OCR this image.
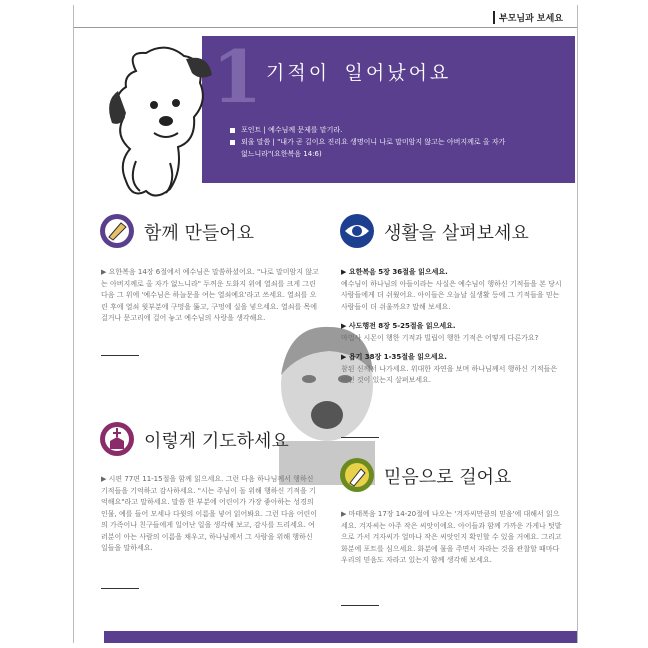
부모님과 보세요
1 기적이 일어났어요
포인트 | 예수님께 문제를 맡기라.
외울 말씀 | "내가 곧 길이요 진리요 생명이니 나로 말미암지 않고는 아버지께로 올 자가
없느니라"(요한복음 14:6)
함께 만들어요
▶ 요한복음 14장 6절에서 예수님은 말씀하셨어요. "나로 말미암지 않고는 아버지께로 올 자가 없느니라" 두꺼운 도화지 위에 열쇠를 크게 그린 다음 그 위에 '예수님은 하늘문을 여는 열쇠예요'라고 쓰세요. 열쇠를 오린 후에 열쇠 윗부분에 구멍을 뚫고, 구멍에 실을 넣으세요. 열쇠를 목에 걸거나 문고리에 걸어 놓고 예수님의 사랑을 생각해요.
생활을 살펴보세요
▶ 요한복음 5장 36절을 읽으세요.
예수님이 하나님의 아들이라는 사실은 예수님이 행하신 기적들을 본 당시 사람들에게 더 쉬웠어요. 아이들은 오늘날 실생활 등에 그 기적들을 믿는 사람들이 더 쉬울까요? 말해 보세요.
▶ 사도행전 8장 5-25절을 읽으세요.
마법사 시몬이 행한 기적과 빌립이 행한 기적은 어떻게 다른가요?
▶ 욥기 38장 1-35절을 읽으세요.
참된 신께서 나가세요. 위대한 자연을 보며 하나님께서 행하신 기적들은 어떤 것이 있는지 살펴보세요.
이렇게 기도하세요
▶ 시편 77편 11-15절을 함께 읽으세요. 그런 다음 하나님께서 행하신 기적들을 기억하고 감사하세요. "시는 주님이 돌 위해 행하신 기적을 기억해요"라고 말하세요. 말씀 한 부분에 어린이가 가장 좋아하는 성경의 인물, 예를 들어 모세나 다윗의 이름을 넣어 읽어봐요. 그런 다음 어린이의 가족이나 친구들에게 일어난 일을 생각해 보고, 감사를 드리세요. 여러분이 아는 사람의 이름을 채우고, 하나님께서 그 사람을 위해 행하신 일들을 말하세요.
믿음으로 걸어요
▶ 마태복음 17장 14-20절에 나오는 '겨자씨만큼의 믿음'에 대해서 읽으세요. 겨자씨는 아주 작은 씨앗이에요. 아이들과 함께 가까운 가게나 텃밭으로 가서 겨자씨가 얼마나 작은 씨앗인지 확인할 수 있을 거예요. 그리고 화분에 포트를 심으세요. 화분에 물을 주면서 자라는 것을 관찰할 때마다 우리의 믿음도 자라고 있는지 함께 생각해 보세요.
